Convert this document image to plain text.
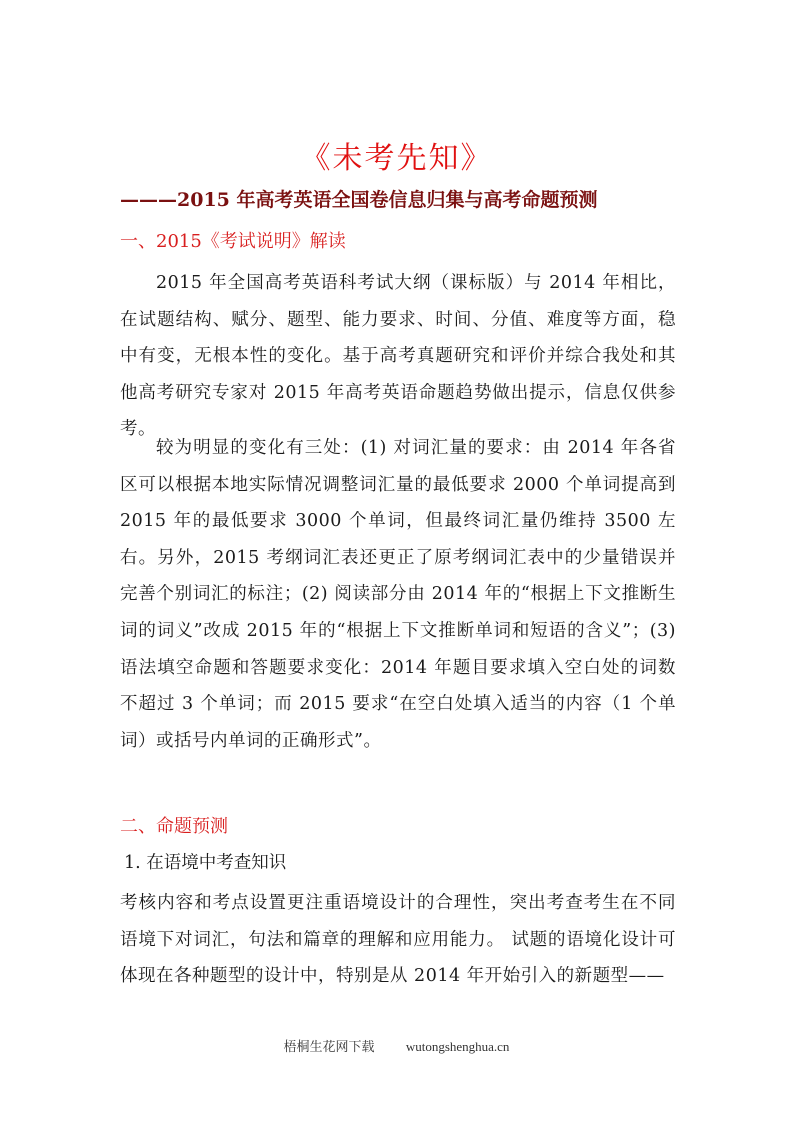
《未考先知》
———2015 年高考英语全国卷信息归集与高考命题预测
一、2015《考试说明》解读

2015 年全国高考英语科考试大纲（课标版）与 2014 年相比，在试题结构、赋分、题型、能力要求、时间、分值、难度等方面，稳中有变，无根本性的变化。基于高考真题研究和评价并综合我处和其他高考研究专家对 2015 年高考英语命题趋势做出提示，信息仅供参考。

较为明显的变化有三处：(1) 对词汇量的要求：由 2014 年各省区可以根据本地实际情况调整词汇量的最低要求 2000 个单词提高到 2015 年的最低要求 3000 个单词，但最终词汇量仍维持 3500 左右。另外，2015 考纲词汇表还更正了原考纲词汇表中的少量错误并完善个别词汇的标注；(2) 阅读部分由 2014 年的“根据上下文推断生词的词义”改成 2015 年的“根据上下文推断单词和短语的含义”；(3) 语法填空命题和答题要求变化：2014 年题目要求填入空白处的词数不超过 3 个单词；而 2015 要求“在空白处填入适当的内容（1 个单词）或括号内单词的正确形式”。

二、命题预测
1. 在语境中考查知识

考核内容和考点设置更注重语境设计的合理性，突出考查考生在不同语境下对词汇，句法和篇章的理解和应用能力。 试题的语境化设计可体现在各种题型的设计中，特别是从 2014 年开始引入的新题型——

梧桐生花网下载 wutongshenghua.cn
